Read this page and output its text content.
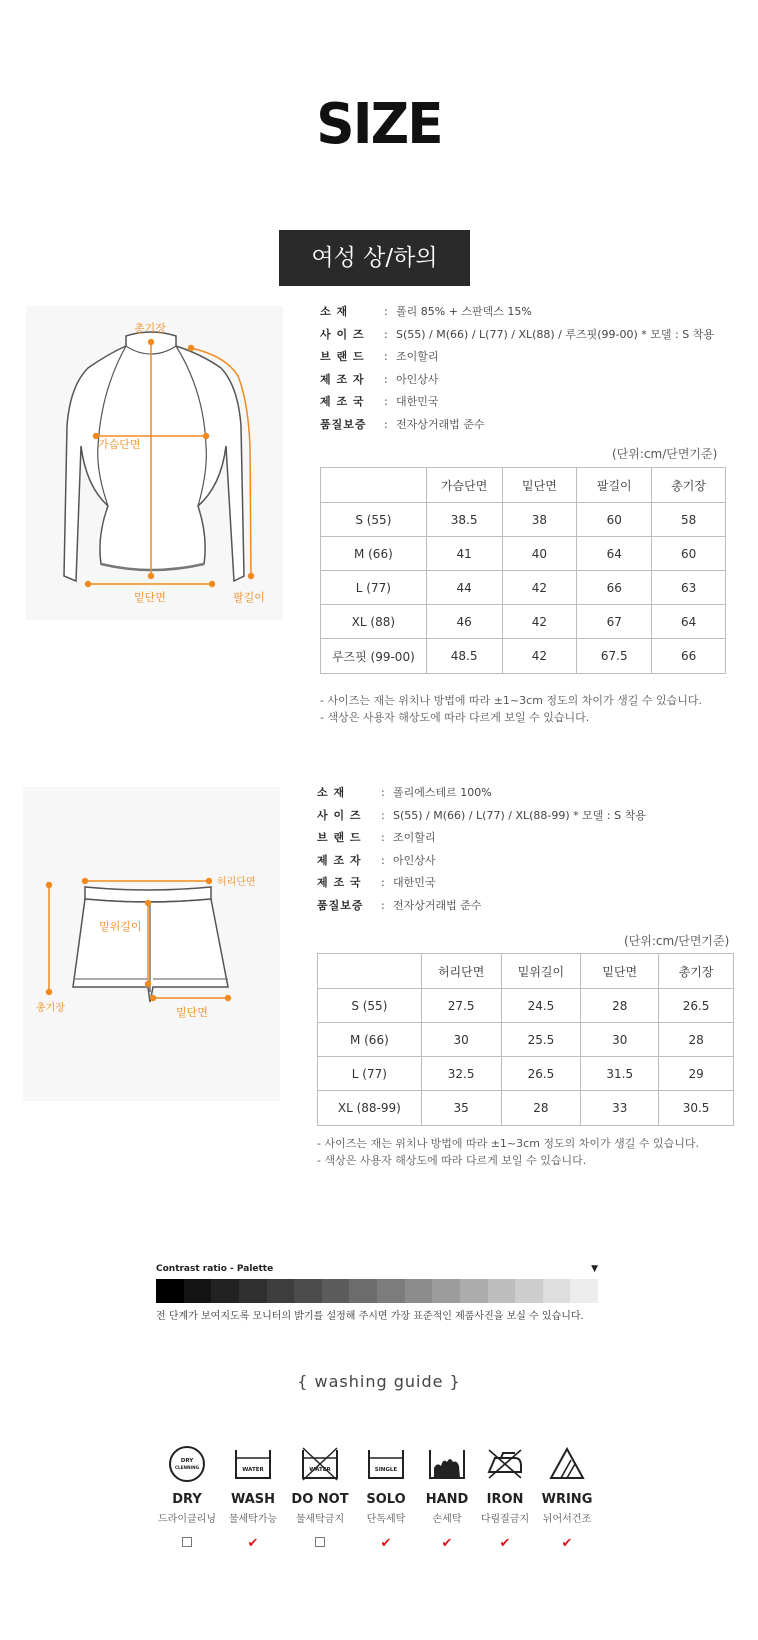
SIZE
여성 상/하의
총기장
가슴단면
밑단면	팔길이
소 재	: 폴리 85% + 스판덱스 15%
사 이 즈 : S(55) / M(66) / L(77) / XL(88) / 루즈핏(99-00) * 모델 : S 착용
브 랜 드 : 조이할리
제 조 자 : 아인상사
제 조 국 : 대한민국
품질보증 : 전자상거래법 준수
(단위:cm/단면기준)
	가슴단면	밑단면	팔길이	총기장
S (55)	38.5	38	60	58
M (66)	41	40	64	60
L (77)	44	42	66	63
XL (88)	46	42	67	64
루즈핏 (99-00)	48.5	42	67.5	66
- 사이즈는 재는 위치나 방법에 따라 ±1~3cm 정도의 차이가 생길 수 있습니다.
- 색상은 사용자 해상도에 따라 다르게 보일 수 있습니다.
허리단면
밑위길이
총기장	밑단면
소 재	: 폴리에스테르 100%
사 이 즈 : S(55) / M(66) / L(77) / XL(88-99) * 모델 : S 착용
브 랜 드 : 조이할리
제 조 자 : 아인상사
제 조 국 : 대한민국
품질보증 : 전자상거래법 준수
(단위:cm/단면기준)
	허리단면	밑위길이	밑단면	총기장
S (55)	27.5	24.5	28	26.5
M (66)	30	25.5	30	28
L (77)	32.5	26.5	31.5	29
XL (88-99)	35	28	33	30.5
- 사이즈는 재는 위치나 방법에 따라 ±1~3cm 정도의 차이가 생길 수 있습니다.
- 색상은 사용자 해상도에 따라 다르게 보일 수 있습니다.
Contrast ratio - Palette	▼
전 단계가 보여지도록 모니터의 밝기를 설정해 주시면 가장 표준적인 제품사진을 보실 수 있습니다.
{ washing guide }
DRY
CLENNING
DRY
드라이클리닝
WATER
WASH
물세탁가능
✔
WATER
DO NOT
물세탁금지
SINGLE
SOLO
단독세탁
✔
HAND
손세탁
✔
IRON
다림질금지
✔
WRING
뉘어서건조
✔
